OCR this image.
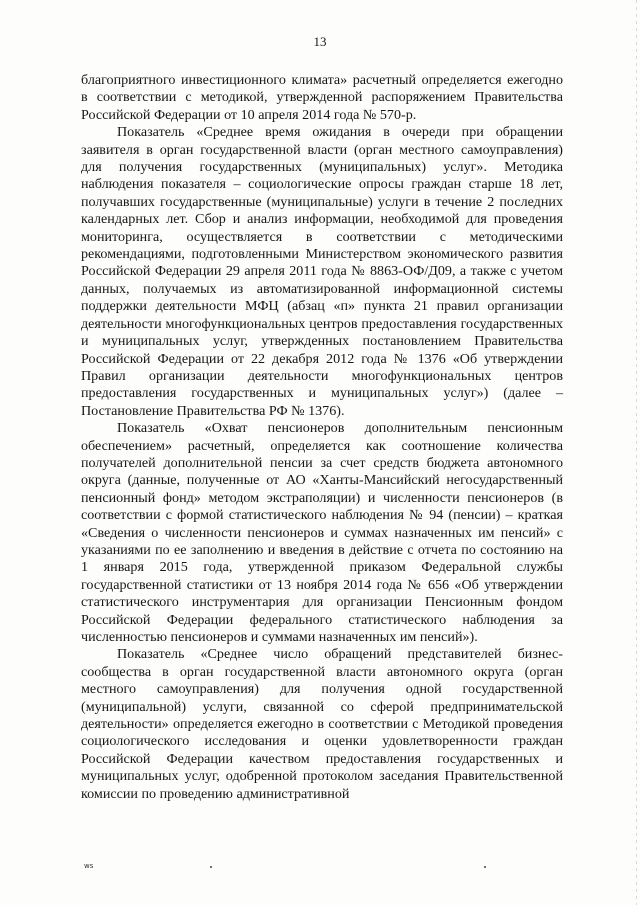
13

благоприятного инвестиционного климата» расчетный определяется ежегодно в соответствии с методикой, утвержденной распоряжением Правительства Российской Федерации от 10 апреля 2014 года № 570-р.

Показатель «Среднее время ожидания в очереди при обращении заявителя в орган государственной власти (орган местного самоуправления) для получения государственных (муниципальных) услуг». Методика наблюдения показателя – социологические опросы граждан старше 18 лет, получавших государственные (муниципальные) услуги в течение 2 последних календарных лет. Сбор и анализ информации, необходимой для проведения мониторинга, осуществляется в соответствии с методическими рекомендациями, подготовленными Министерством экономического развития Российской Федерации 29 апреля 2011 года № 8863-ОФ/Д09, а также с учетом данных, получаемых из автоматизированной информационной системы поддержки деятельности МФЦ (абзац «п» пункта 21 правил организации деятельности многофункциональных центров предоставления государственных и муниципальных услуг, утвержденных постановлением Правительства Российской Федерации от 22 декабря 2012 года № 1376 «Об утверждении Правил организации деятельности многофункциональных центров предоставления государственных и муниципальных услуг») (далее – Постановление Правительства РФ № 1376).

Показатель «Охват пенсионеров дополнительным пенсионным обеспечением» расчетный, определяется как соотношение количества получателей дополнительной пенсии за счет средств бюджета автономного округа (данные, полученные от АО «Ханты-Мансийский негосударственный пенсионный фонд» методом экстраполяции) и численности пенсионеров (в соответствии с формой статистического наблюдения № 94 (пенсии) – краткая «Сведения о численности пенсионеров и суммах назначенных им пенсий» с указаниями по ее заполнению и введения в действие с отчета по состоянию на 1 января 2015 года, утвержденной приказом Федеральной службы государственной статистики от 13 ноября 2014 года № 656 «Об утверждении статистического инструментария для организации Пенсионным фондом Российской Федерации федерального статистического наблюдения за численностью пенсионеров и суммами назначенных им пенсий»).

Показатель «Среднее число обращений представителей бизнес-сообщества в орган государственной власти автономного округа (орган местного самоуправления) для получения одной государственной (муниципальной) услуги, связанной со сферой предпринимательской деятельности» определяется ежегодно в соответствии с Методикой проведения социологического исследования и оценки удовлетворенности граждан Российской Федерации качеством предоставления государственных и муниципальных услуг, одобренной протоколом заседания Правительственной комиссии по проведению административной

ws
